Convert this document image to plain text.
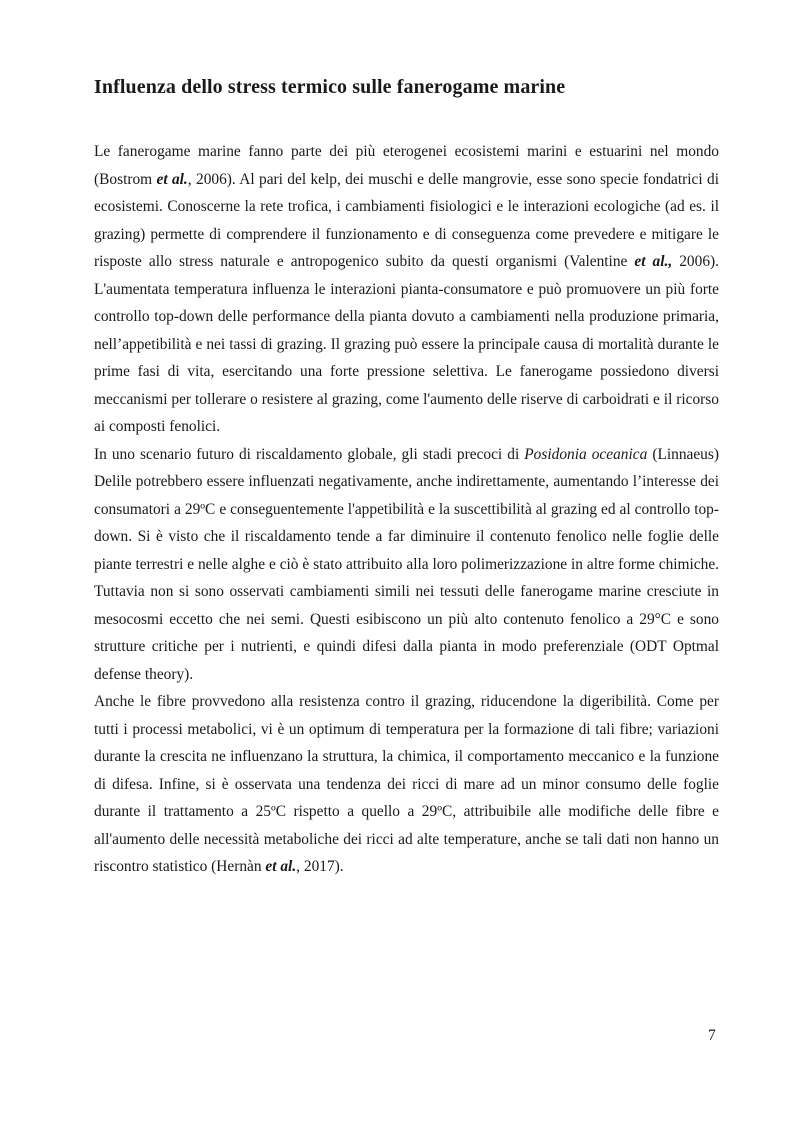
Influenza dello stress termico sulle fanerogame marine

Le fanerogame marine fanno parte dei più eterogenei ecosistemi marini e estuarini nel mondo (Bostrom et al., 2006). Al pari del kelp, dei muschi e delle mangrovie, esse sono specie fondatrici di ecosistemi. Conoscerne la rete trofica, i cambiamenti fisiologici e le interazioni ecologiche (ad es. il grazing) permette di comprendere il funzionamento e di conseguenza come prevedere e mitigare le risposte allo stress naturale e antropogenico subito da questi organismi (Valentine et al., 2006). L'aumentata temperatura influenza le interazioni pianta-consumatore e può promuovere un più forte controllo top-down delle performance della pianta dovuto a cambiamenti nella produzione primaria, nell’appetibilità e nei tassi di grazing. Il grazing può essere la principale causa di mortalità durante le prime fasi di vita, esercitando una forte pressione selettiva. Le fanerogame possiedono diversi meccanismi per tollerare o resistere al grazing, come l'aumento delle riserve di carboidrati e il ricorso ai composti fenolici.

In uno scenario futuro di riscaldamento globale, gli stadi precoci di Posidonia oceanica (Linnaeus) Delile potrebbero essere influenzati negativamente, anche indirettamente, aumentando l’interesse dei consumatori a 29ºC e conseguentemente l'appetibilità e la suscettibilità al grazing ed al controllo top-down. Si è visto che il riscaldamento tende a far diminuire il contenuto fenolico nelle foglie delle piante terrestri e nelle alghe e ciò è stato attribuito alla loro polimerizzazione in altre forme chimiche. Tuttavia non si sono osservati cambiamenti simili nei tessuti delle fanerogame marine cresciute in mesocosmi eccetto che nei semi. Questi esibiscono un più alto contenuto fenolico a 29°C e sono strutture critiche per i nutrienti, e quindi difesi dalla pianta in modo preferenziale (ODT Optmal defense theory).

Anche le fibre provvedono alla resistenza contro il grazing, riducendone la digeribilità. Come per tutti i processi metabolici, vi è un optimum di temperatura per la formazione di tali fibre; variazioni durante la crescita ne influenzano la struttura, la chimica, il comportamento meccanico e la funzione di difesa. Infine, si è osservata una tendenza dei ricci di mare ad un minor consumo delle foglie durante il trattamento a 25ºC rispetto a quello a 29ºC, attribuibile alle modifiche delle fibre e all'aumento delle necessità metaboliche dei ricci ad alte temperature, anche se tali dati non hanno un riscontro statistico (Hernàn et al., 2017).

7
